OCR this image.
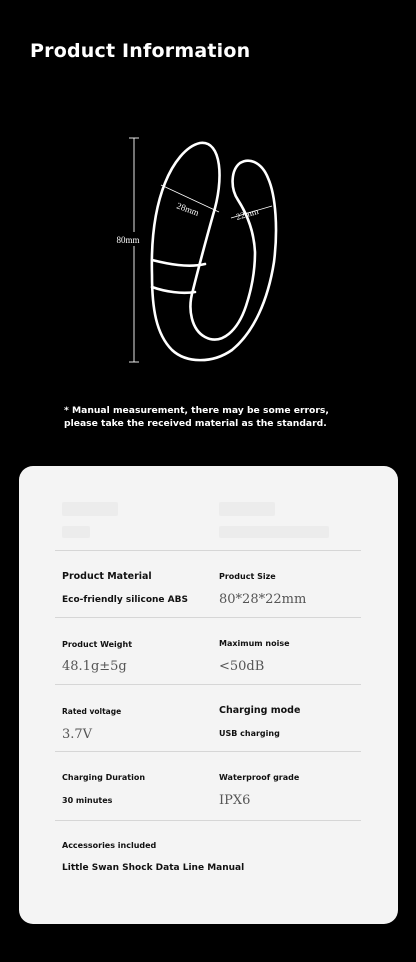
Product Information
80mm
28mm	22mm
* Manual measurement, there may be some errors, please take the received material as the standard.
Product Material
Eco-friendly silicone ABS
Product Size
80*28*22mm
Product Weight
48.1g±5g
Maximum noise
<50dB
Rated voltage
3.7V
Charging mode
USB charging
Charging Duration
30 minutes
Waterproof grade
IPX6
Accessories included
Little Swan Shock Data Line Manual
